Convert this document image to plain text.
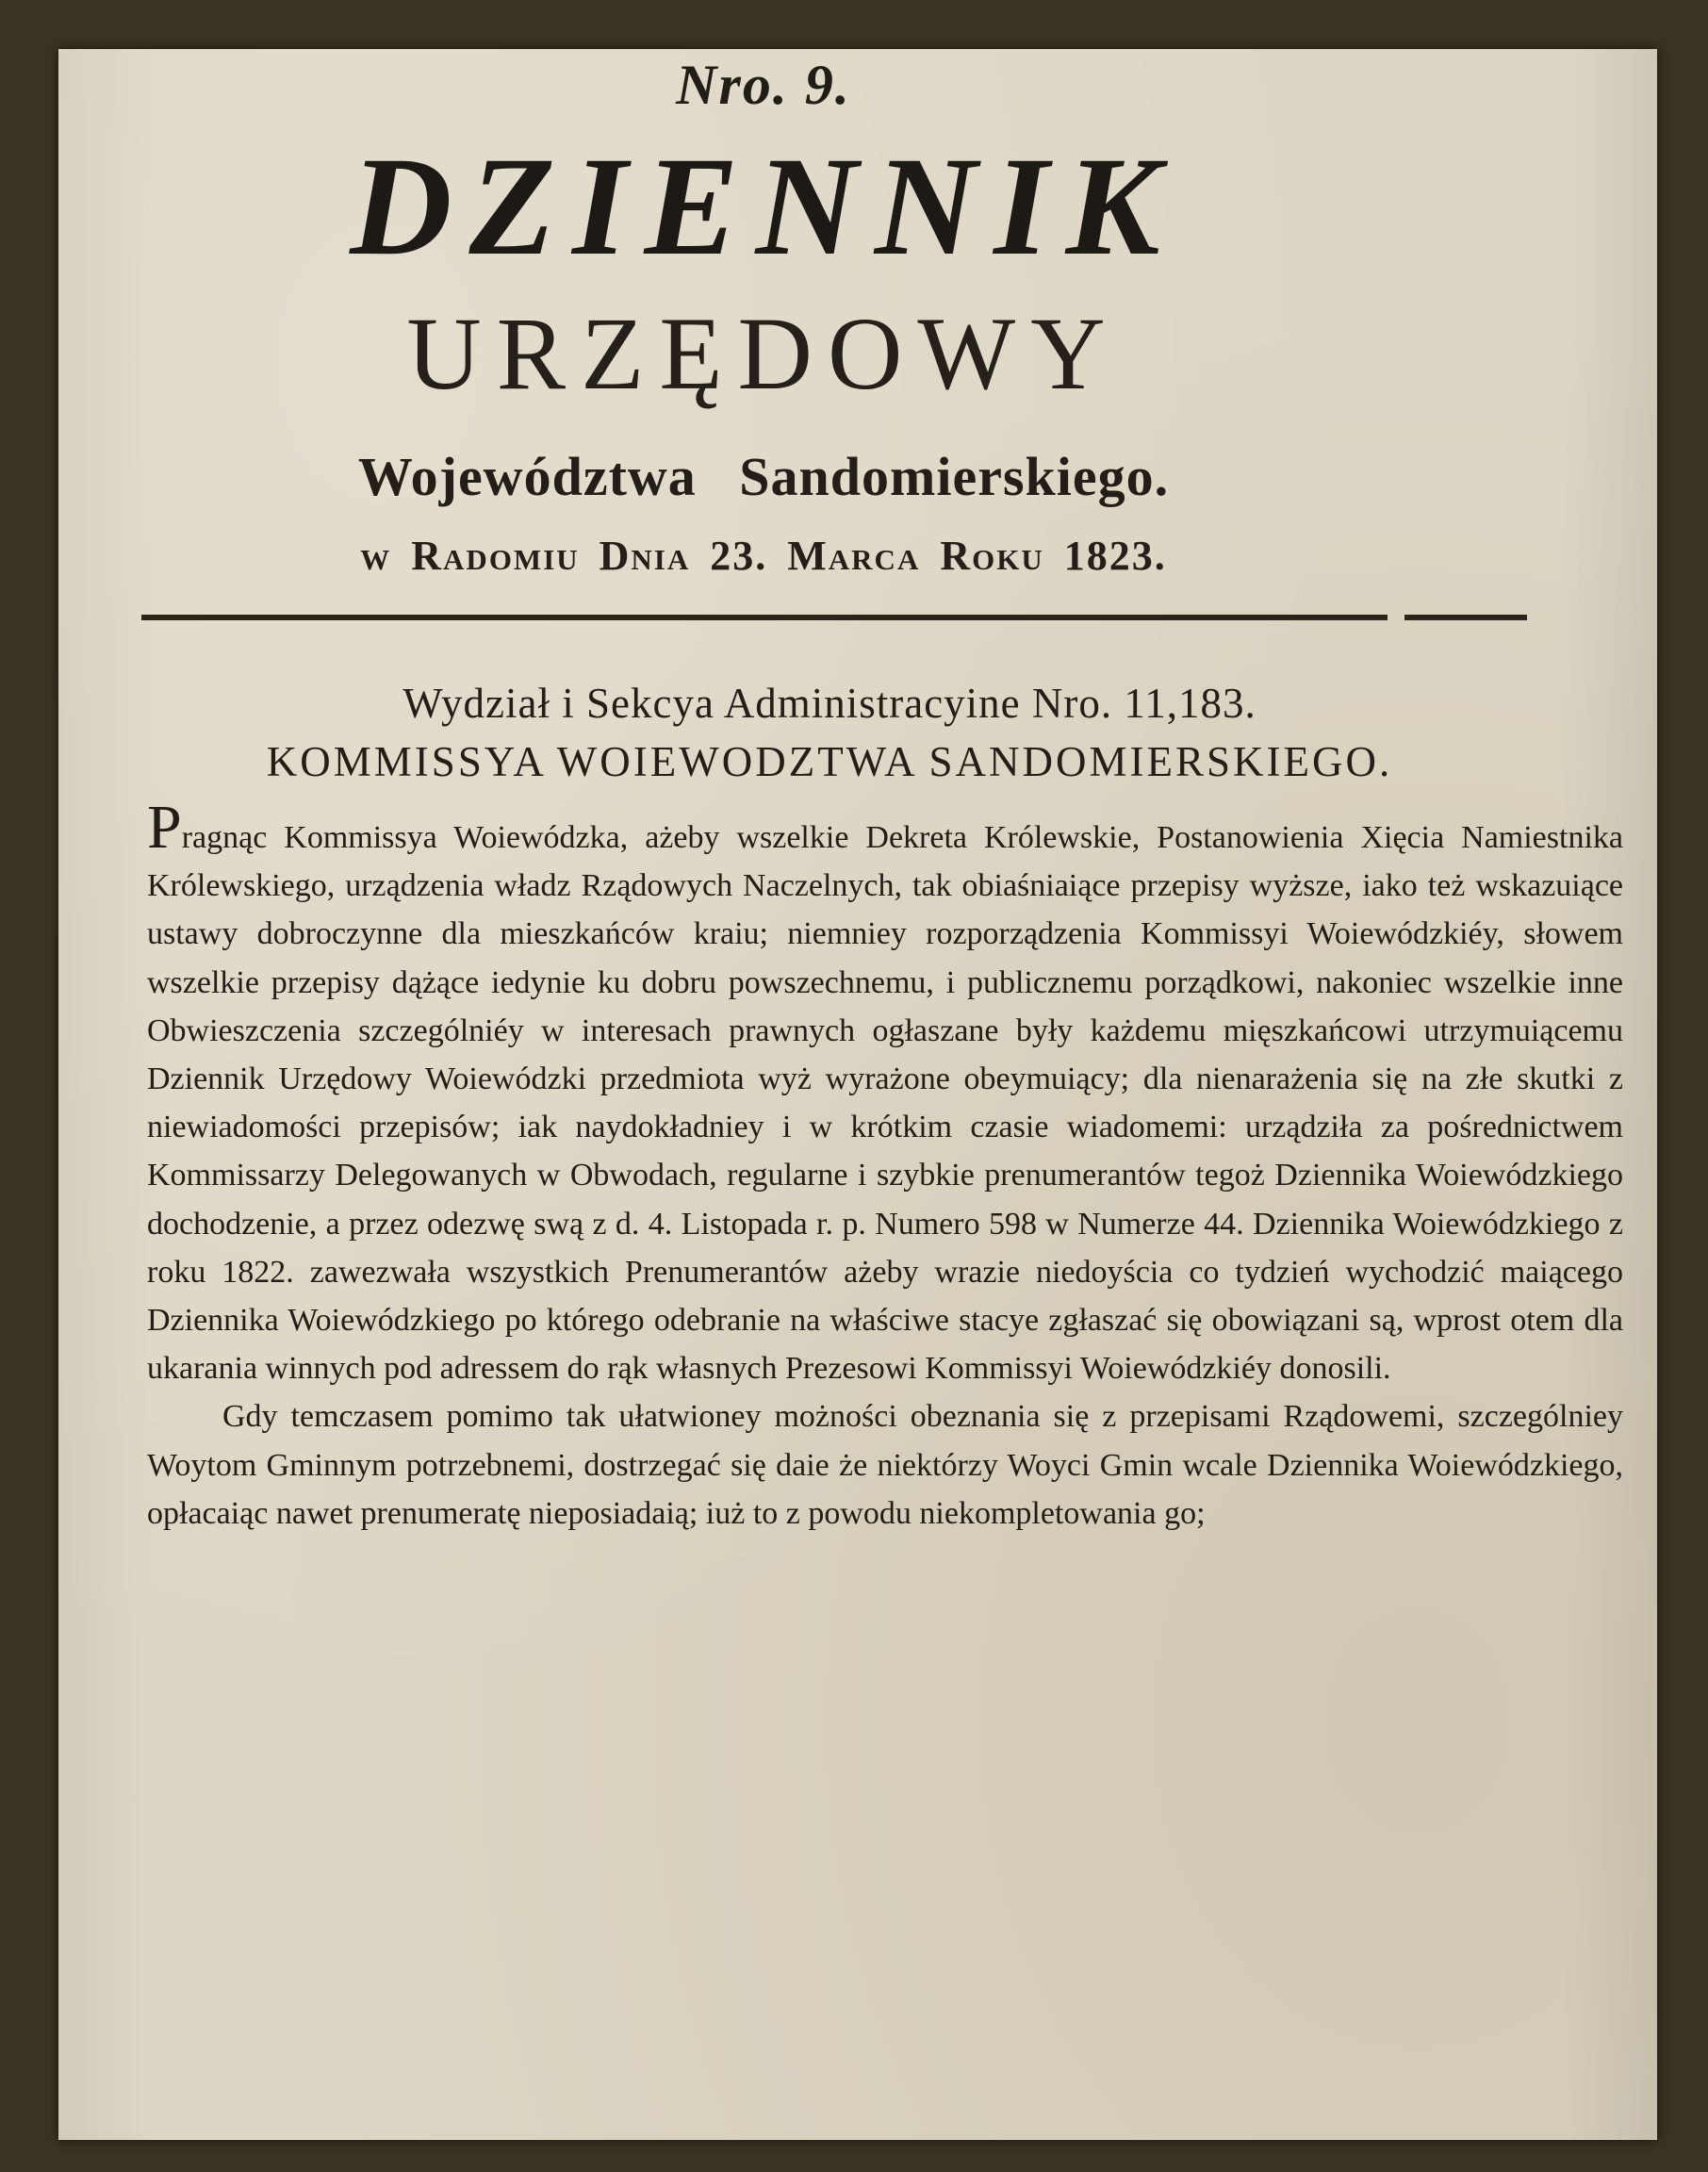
Nro. 9.
DZIENNIK
URZĘDOWY
Województwa Sandomierskiego.
w Radomiu Dnia 23. Marca Roku 1823.
Wydział i Sekcya Administracyine Nro. 11,183.
KOMMISSYA WOIEWODZTWA SANDOMIERSKIEGO.

Pragnąc Kommissya Woiewódzka, ażeby wszelkie Dekreta Królewskie, Postanowienia Xięcia Namiestnika Królewskiego, urządzenia władz Rządowych Naczelnych, tak obiaśniaiące przepisy wyższe, iako też wskazuiące ustawy dobroczynne dla mieszkańców kraiu; niemniey rozporządzenia Kommissyi Woiewódzkiéy, słowem wszelkie przepisy dążące iedynie ku dobru powszechnemu, i publicznemu porządkowi, nakoniec wszelkie inne Obwieszczenia szczególniéy w interesach prawnych ogłaszane były każdemu mięszkańcowi utrzymuiącemu Dziennik Urzędowy Woiewódzki przedmiota wyż wyrażone obeymuiący; dla nienarażenia się na złe skutki z niewiadomości przepisów; iak naydokładniey i w krótkim czasie wiadomemi: urządziła za pośrednictwem Kommissarzy Delegowanych w Obwodach, regularne i szybkie prenumerantów tegoż Dziennika Woiewódzkiego dochodzenie, a przez odezwę swą z d. 4. Listopada r. p. Numero 598 w Numerze 44. Dziennika Woiewódzkiego z roku 1822. zawezwała wszystkich Prenumerantów ażeby wrazie niedoyścia co tydzień wychodzić maiącego Dziennika Woiewódzkiego po którego odebranie na właściwe stacye zgłaszać się obowiązani są, wprost otem dla ukarania winnych pod adressem do rąk własnych Prezesowi Kommissyi Woiewódzkiéy donosili.

Gdy temczasem pomimo tak ułatwioney możności obeznania się z przepisami Rządowemi, szczególniey Woytom Gminnym potrzebnemi, dostrzegać się daie że niektórzy Woyci Gmin wcale Dziennika Woiewódzkiego, opłacaiąc nawet prenumeratę nieposiadaią; iuż to z powodu niekompletowania go;
